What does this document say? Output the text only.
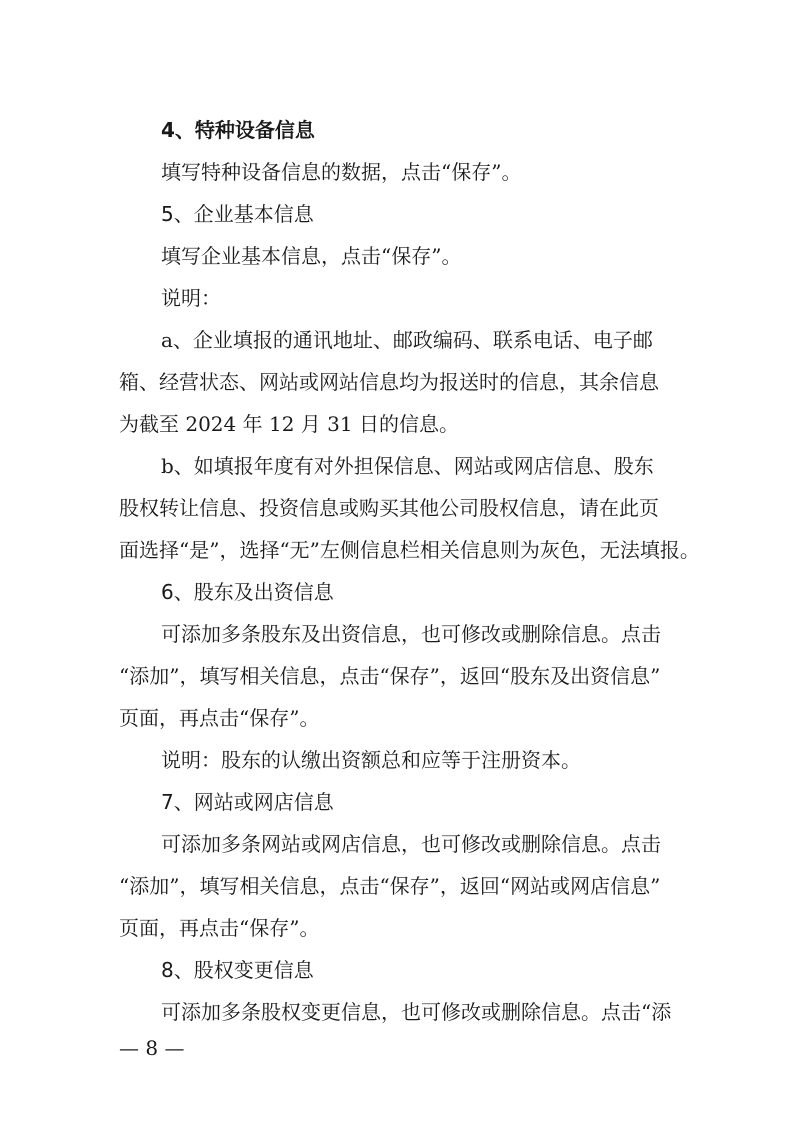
4、特种设备信息
填写特种设备信息的数据，点击“保存”。
5、企业基本信息
填写企业基本信息，点击“保存”。
说明：
a、企业填报的通讯地址、邮政编码、联系电话、电子邮
箱、经营状态、网站或网站信息均为报送时的信息，其余信息
为截至 2024 年 12 月 31 日的信息。
b、如填报年度有对外担保信息、网站或网店信息、股东
股权转让信息、投资信息或购买其他公司股权信息，请在此页
面选择“是”，选择“无”左侧信息栏相关信息则为灰色，无法填报。
6、股东及出资信息
可添加多条股东及出资信息，也可修改或删除信息。点击
“添加”，填写相关信息，点击“保存”，返回“股东及出资信息”
页面，再点击“保存”。
说明：股东的认缴出资额总和应等于注册资本。
7、网站或网店信息
可添加多条网站或网店信息，也可修改或删除信息。点击
“添加”，填写相关信息，点击“保存”，返回“网站或网店信息”
页面，再点击“保存”。
8、股权变更信息
可添加多条股权变更信息，也可修改或删除信息。点击“添
— 8 —
